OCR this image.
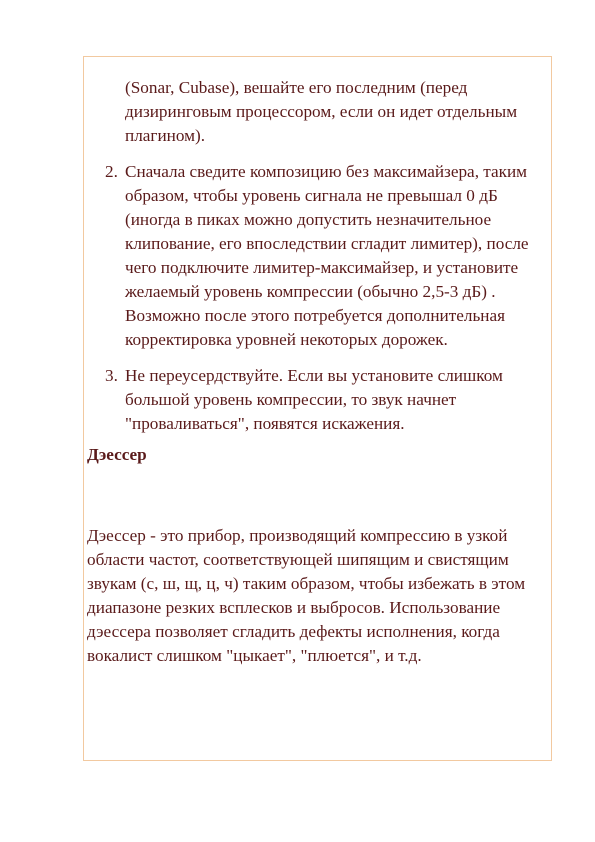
(Sonar, Cubase), вешайте его последним (перед дизиринговым процессором, если он идет отдельным плагином).

2. Сначала сведите композицию без максимайзера, таким образом, чтобы уровень сигнала не превышал 0 дБ (иногда в пиках можно допустить незначительное клипование, его впоследствии сгладит лимитер), после чего подключите лимитер-максимайзер, и установите желаемый уровень компрессии (обычно 2,5-3 дБ) . Возможно после этого потребуется дополнительная корректировка уровней некоторых дорожек.
3. Не переусердствуйте. Если вы установите слишком большой уровень компрессии, то звук начнет "проваливаться", появятся искажения.

Дэессер

Дэессер - это прибор, производящий компрессию в узкой области частот, соответствующей шипящим и свистящим звукам (с, ш, щ, ц, ч) таким образом, чтобы избежать в этом диапазоне резких всплесков и выбросов. Использование дэессера позволяет сгладить дефекты исполнения, когда вокалист слишком "цыкает", "плюется", и т.д.
